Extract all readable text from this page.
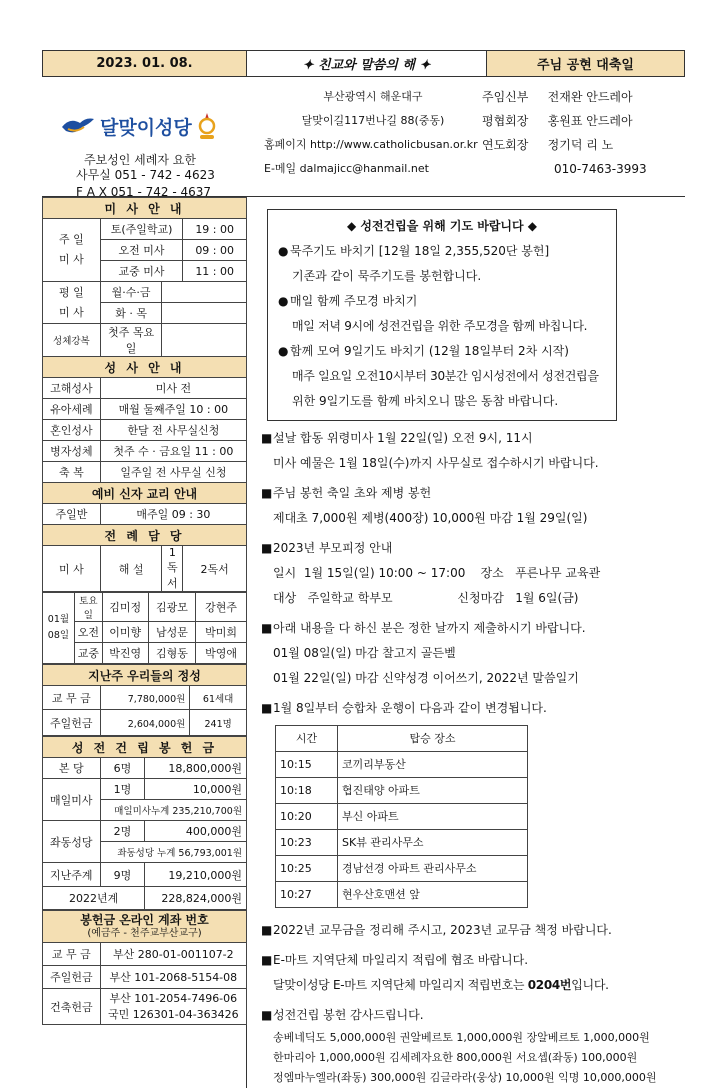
2023. 01. 08.	✦ 친교와 말씀의 해 ✦	주님 공현 대축일
달맞이성당
주보성인 세례자 요한
사무실 051 - 742 - 4623
F A X 051 - 742 - 4637
부산광역시 해운대구
달맞이길117번나길 88(중동)
홈페이지 http://www.catholicbusan.or.kr
E-메일 dalmajicc@hanmail.net
주임신부
	전재완 안드레아
평협회장
	홍원표 안드레아
연도회장
	정기덕 리 노
010-7463-3993
미 사 안 내			
주 일 미 사	토(주일학교)		19 : 00
	오전 미사		09 : 00
	교중 미사		11 : 00
평 일 미 사	월·수·금		
	화 · 목		
성체강복	첫주 목요일		
성 사 안 내			
고해성사	미사 전		
유아세례	매월 둘째주일 10 : 00		
혼인성사	한달 전 사무실신청		
병자성체	첫주 수 · 금요일 11 : 00		
축 복	일주일 전 사무실 신청		
예비 신자 교리 안내			
주일반	매주일 09 : 30		
전 례 담 당			
미 사	해 설	1독서	2독서
01월 08일	토요일	김미정	김광모	강현주
	오전	이미향	남성문	박미희
	교중	박진영	김형동	박영애
지난주 우리들의 정성		
교 무 금	7,780,000원	61세대
주일헌금	2,604,000원	241명
성 전 건 립 봉 헌 금		
본 당	6명	18,800,000원
매일미사	1명	10,000원
	매일미사누계 235,210,700원	
좌동성당	2명	400,000원
	좌동성당 누계 56,793,001원	
지난주계	9명	19,210,000원
2022년계		228,824,000원
봉헌금 온라인 계좌 번호
(예금주 - 천주교부산교구)	

교 무 금	부산 280-01-001107-2
주일헌금	부산 101-2068-5154-08
건축헌금	부산 101-2054-7496-06
국민 126301-04-363426
◆ 성전건립을 위해 기도 바랍니다 ◆
● 묵주기도 바치기 [12월 18일 2,355,520단 봉헌]
기존과 같이 묵주기도를 봉헌합니다.
● 매일 함께 주모경 바치기
매일 저녁 9시에 성전건립을 위한 주모경을 함께 바칩니다.
● 함께 모여 9일기도 바치기 (12월 18일부터 2차 시작)
매주 일요일 오전10시부터 30분간 임시성전에서 성전건립을
위한 9일기도를 함께 바치오니 많은 동참 바랍니다.
■설날 합동 위령미사 1월 22일(일) 오전 9시, 11시
미사 예물은 1월 18일(수)까지 사무실로 접수하시기 바랍니다.
■주님 봉헌 축일 초와 제병 봉헌
제대초 7,000원 제병(400장) 10,000원 마감 1월 29일(일)
■2023년 부모피정 안내
일시  1월 15일(일) 10:00 ~ 17:00    장소   푸른나무 교육관
대상   주일학교 학부모                 신청마감   1월 6일(금)
■아래 내용을 다 하신 분은 정한 날까지 제출하시기 바랍니다.
01월 08일(일) 마감 찰고지 골든벨
01월 22일(일) 마감 신약성경 이어쓰기, 2022년 말씀일기
■1월 8일부터 승합차 운행이 다음과 같이 변경됩니다.
시간	탑승 장소
10:15	코끼리부동산
10:18	협진태양 아파트
10:20	부신 아파트
10:23	SK뷰 관리사무소
10:25	경남선경 아파트 관리사무소
10:27	현우산호맨션 앞
■2022년 교무금을 정리해 주시고, 2023년 교무금 책정 바랍니다.
■E-마트 지역단체 마일리지 적립에 협조 바랍니다.
달맞이성당 E-마트 지역단체 마일리지 적립번호는 0204번입니다.
■성전건립 봉헌 감사드립니다.
송베네딕도 5,000,000원 권알베르토 1,000,000원 장알베르토 1,000,000원
한마리아 1,000,000원 김세례자요한 800,000원 서요셉(좌동) 100,000원
정엠마누엘라(좌동) 300,000원 김글라라(웅상) 10,000원 익명 10,000,000원
